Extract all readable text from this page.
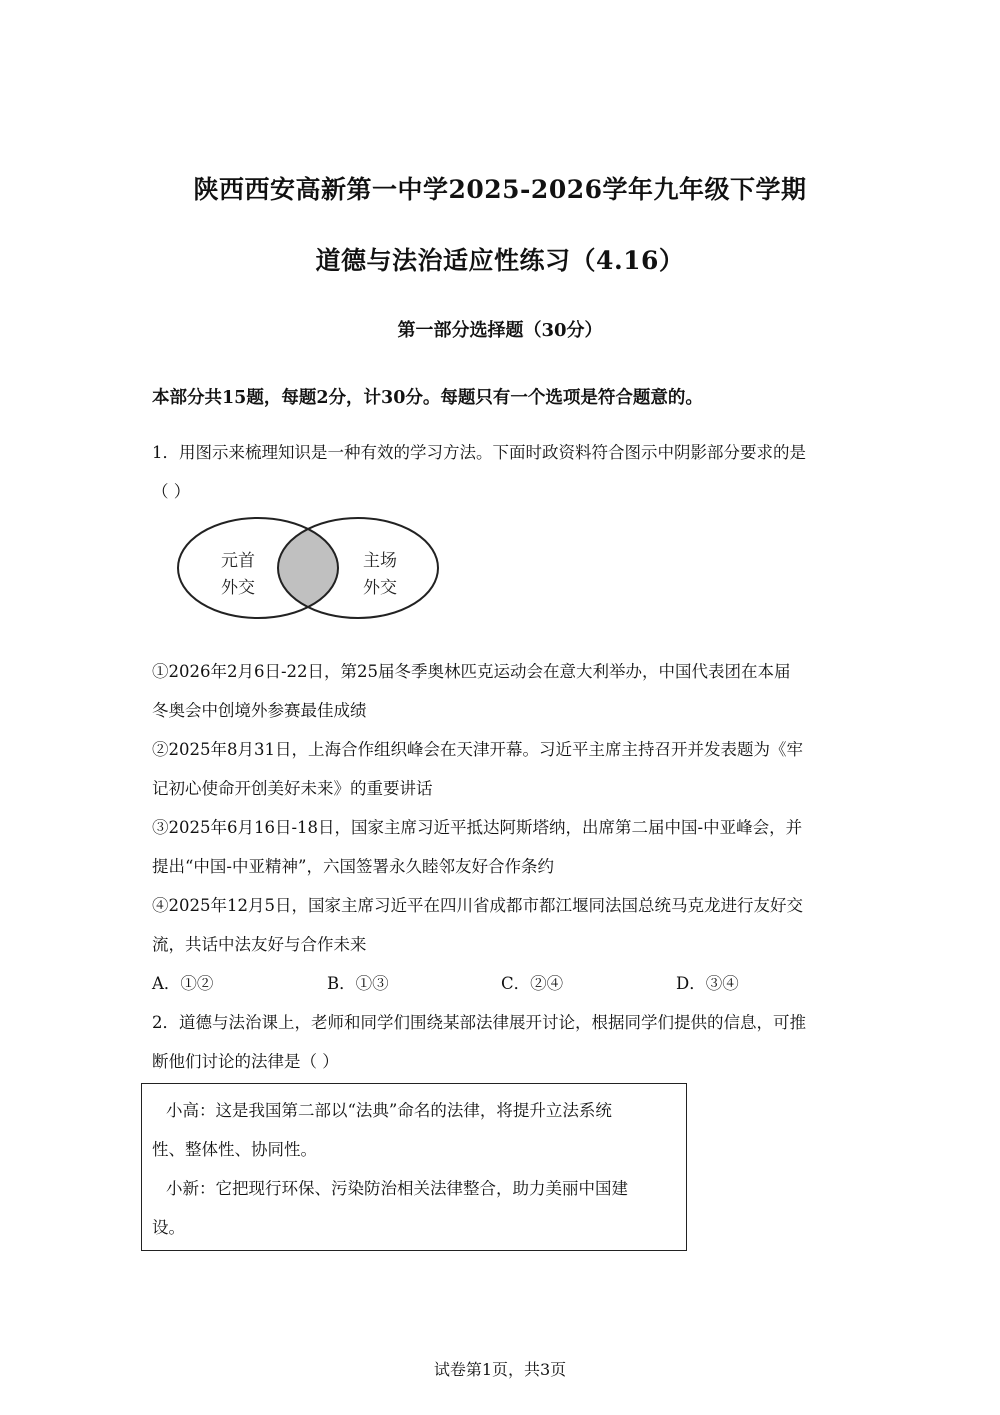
陕西西安高新第一中学2025-2026学年九年级下学期
道德与法治适应性练习（4.16）
第一部分选择题（30分）
本部分共15题，每题2分，计30分。每题只有一个选项是符合题意的。
1．用图示来梳理知识是一种有效的学习方法。下面时政资料符合图示中阴影部分要求的是
（ ）
元首
外交
主场
外交
①2026年2月6日-22日，第25届冬季奥林匹克运动会在意大利举办，中国代表团在本届
冬奥会中创境外参赛最佳成绩
②2025年8月31日，上海合作组织峰会在天津开幕。习近平主席主持召开并发表题为《牢
记初心使命开创美好未来》的重要讲话
③2025年6月16日-18日，国家主席习近平抵达阿斯塔纳，出席第二届中国-中亚峰会，并
提出“中国-中亚精神”，六国签署永久睦邻友好合作条约
④2025年12月5日，国家主席习近平在四川省成都市都江堰同法国总统马克龙进行友好交
流，共话中法友好与合作未来
A．①②	B．①③	C．②④	D．③④
2．道德与法治课上，老师和同学们围绕某部法律展开讨论，根据同学们提供的信息，可推
断他们讨论的法律是（ ）
小高：这是我国第二部以“法典”命名的法律，将提升立法系统
性、整体性、协同性。
小新：它把现行环保、污染防治相关法律整合，助力美丽中国建
设。
试卷第1页，共3页
